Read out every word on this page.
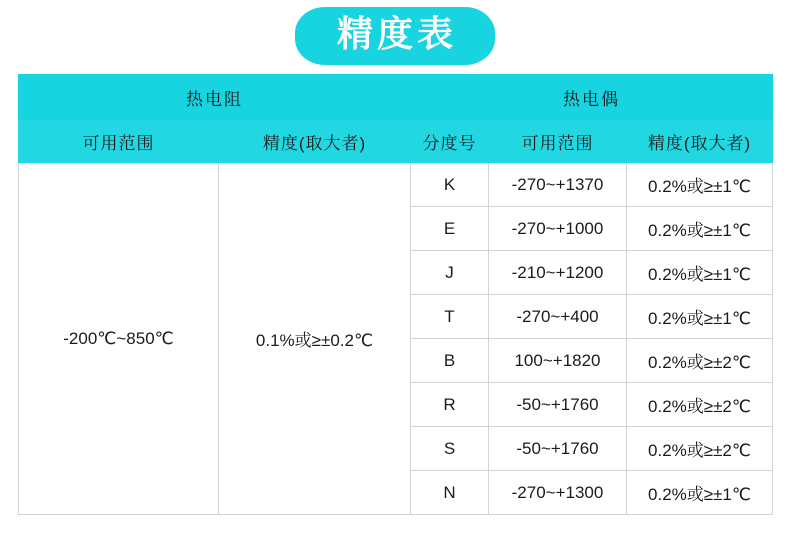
精度表
热电阻		热电偶		
可用范围	精度(取大者)	分度号	可用范围	精度(取大者)
-200℃~850℃	0.1%或≥±0.2℃	K	-270~+1370	0.2%或≥±1℃
		E	-270~+1000	0.2%或≥±1℃
		J	-210~+1200	0.2%或≥±1℃
		T	-270~+400	0.2%或≥±1℃
		B	100~+1820	0.2%或≥±2℃
		R	-50~+1760	0.2%或≥±2℃
		S	-50~+1760	0.2%或≥±2℃
		N	-270~+1300	0.2%或≥±1℃
